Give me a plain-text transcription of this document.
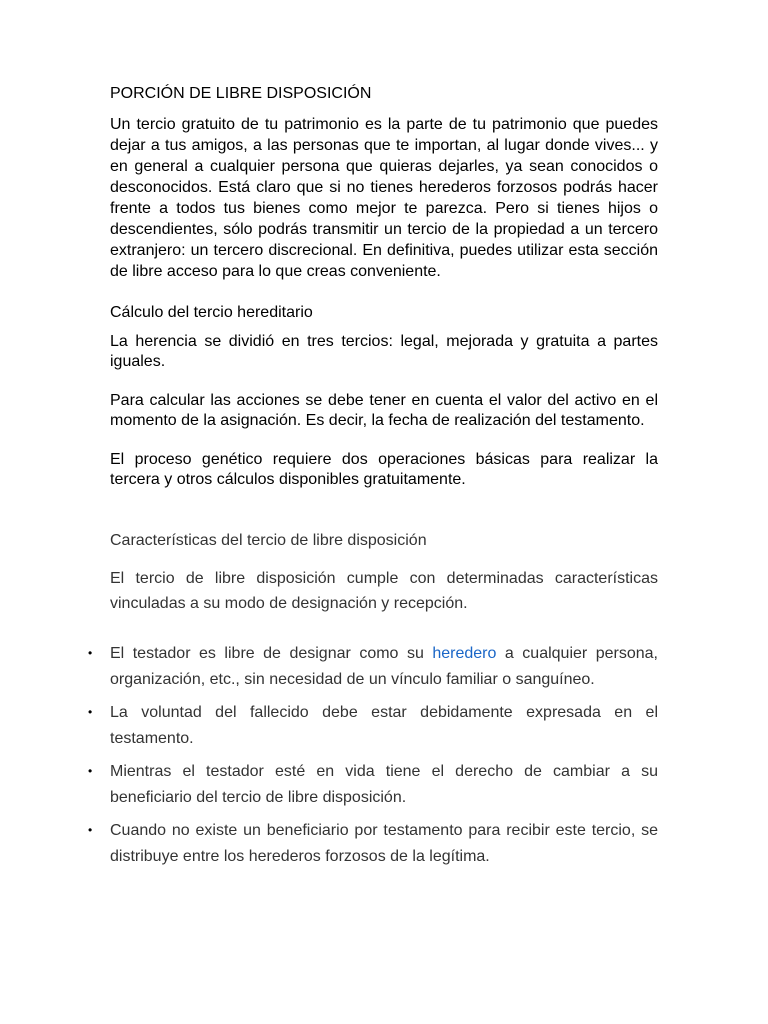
PORCIÓN DE LIBRE DISPOSICIÓN

Un tercio gratuito de tu patrimonio es la parte de tu patrimonio que puedes dejar a tus amigos, a las personas que te importan, al lugar donde vives... y en general a cualquier persona que quieras dejarles, ya sean conocidos o desconocidos. Está claro que si no tienes herederos forzosos podrás hacer frente a todos tus bienes como mejor te parezca. Pero si tienes hijos o descendientes, sólo podrás transmitir un tercio de la propiedad a un tercero extranjero: un tercero discrecional. En definitiva, puedes utilizar esta sección de libre acceso para lo que creas conveniente.

Cálculo del tercio hereditario

La herencia se dividió en tres tercios: legal, mejorada y gratuita a partes iguales.

Para calcular las acciones se debe tener en cuenta el valor del activo en el momento de la asignación. Es decir, la fecha de realización del testamento.

El proceso genético requiere dos operaciones básicas para realizar la tercera y otros cálculos disponibles gratuitamente.

Características del tercio de libre disposición

El tercio de libre disposición cumple con determinadas características vinculadas a su modo de designación y recepción.

• El testador es libre de designar como su heredero a cualquier persona, organización, etc., sin necesidad de un vínculo familiar o sanguíneo.
• La voluntad del fallecido debe estar debidamente expresada en el testamento.
• Mientras el testador esté en vida tiene el derecho de cambiar a su beneficiario del tercio de libre disposición.
• Cuando no existe un beneficiario por testamento para recibir este tercio, se distribuye entre los herederos forzosos de la legítima.
